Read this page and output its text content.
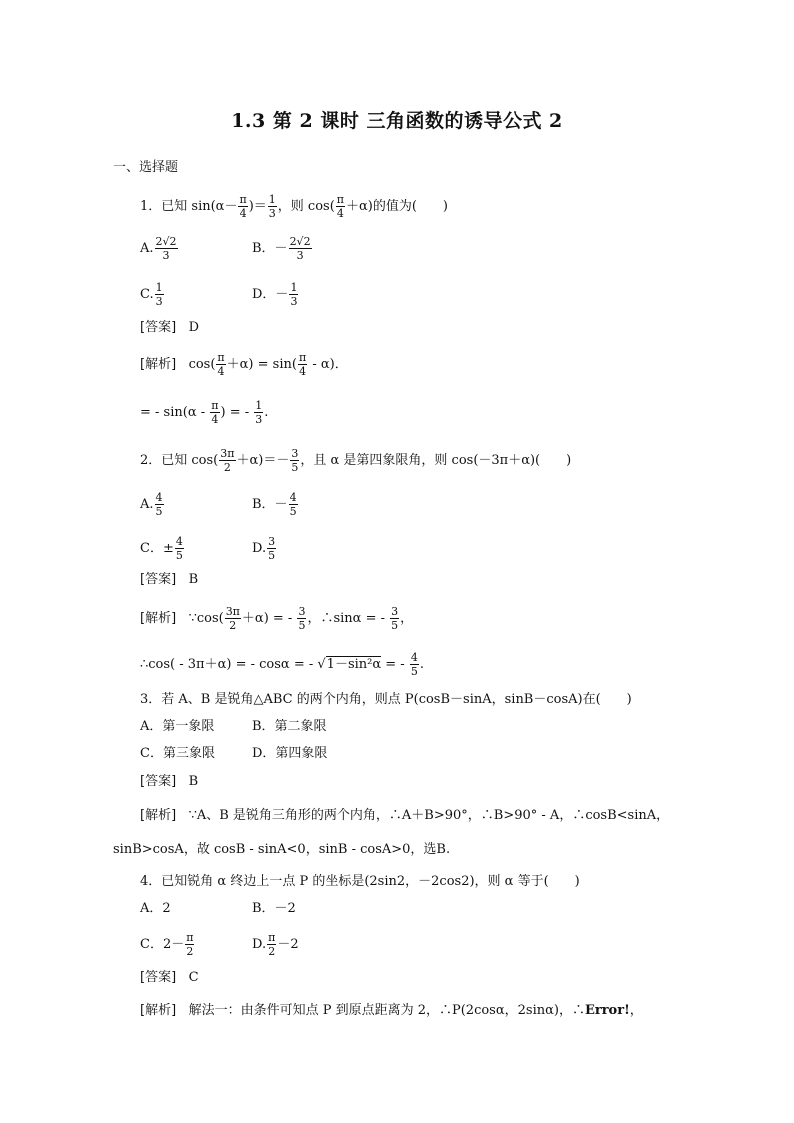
1.3 第 2 课时 三角函数的诱导公式 2
一、选择题
1．已知 $\sin(\alpha- \frac{\pi}{4}$ )＝ $\frac{1}{3}$ ，则 $\cos( \frac{\pi}{4} +\alpha)$的值为(　　)
A. $\frac{2√2}{3}$	B．－ $\frac{2√2}{3}$
C. $\frac{1}{3}$	D．－ $\frac{1}{3}$
[答案] D
[解析] $\cos( \frac{\pi}{4} +\alpha) = \sin( \frac{\pi}{4} - \alpha)$．
= - $\sin(\alpha - \frac{\pi}{4}$ ) = - $\frac{1}{3}$ .
2．已知 $\cos( \frac{3\pi}{2} +\alpha)=- \frac{3}{5}$ ，且 α 是第四象限角，则 cos(－3π＋α)(　　)
A. $\frac{4}{5}$	B．－ $\frac{4}{5}$
C．± $\frac{4}{5}$	D. $\frac{3}{5}$
[答案] B
[解析] ∵cos( $\frac{3\pi}{2} +\alpha$) = - $\frac{3}{5}$ ，∴sinα = - $\frac{3}{5}$ ，
∴cos( - 3π＋α) = - cosα = - √1－sin²α = - $\frac{4}{5}$ .
3．若 A、B 是锐角△ABC 的两个内角，则点 P(cosB－sinA，sinB－cosA)在(　　)
A．第一象限	B．第二象限
C．第三象限	D．第四象限
[答案] B
[解析] ∵A、B 是锐角三角形的两个内角，∴A＋B>90°，∴B>90° - A，∴cosB<sinA，
sinB>cosA，故 cosB - sinA<0，sinB - cosA>0，选B.
4．已知锐角 α 终边上一点 P 的坐标是(2sin2，－2cos2)，则 α 等于(　　)
A．2	B．－2
C．$2- \frac{\pi}{2}$	D. $\frac{\pi}{2} -2$
[答案] C
[解析] 解法一：由条件可知点 P 到原点距离为 2，∴P(2cosα，2sinα)，∴Error!，
